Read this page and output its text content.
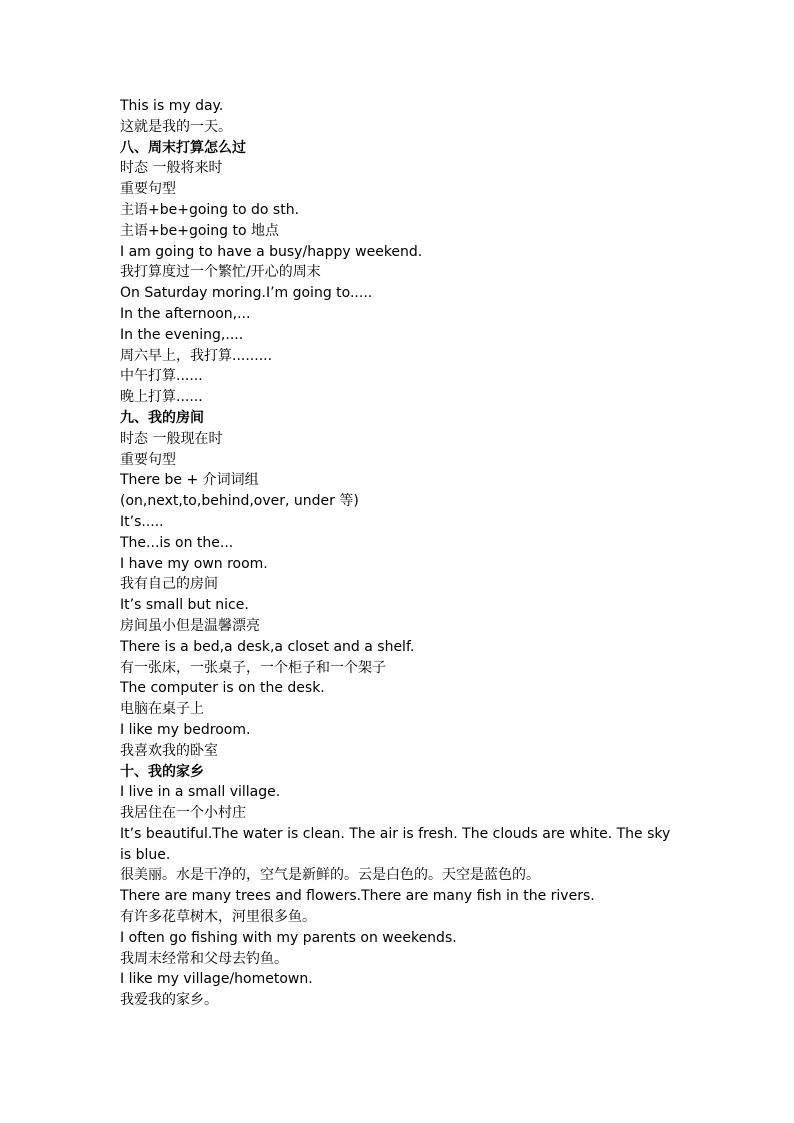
This is my day.
这就是我的一天。
八、周末打算怎么过
时态 一般将来时
重要句型
主语+be+going to do sth.
主语+be+going to 地点
I am going to have a busy/happy weekend.
我打算度过一个繁忙/开心的周末
On Saturday moring.I’m going to.....
In the afternoon,...
In the evening,....
周六早上，我打算.........
中午打算......
晚上打算......
九、我的房间
时态 一般现在时
重要句型
There be + 介词词组
(on,next,to,behind,over, under 等)
It’s.....
The...is on the...
I have my own room.
我有自己的房间
It’s small but nice.
房间虽小但是温馨漂亮
There is a bed,a desk,a closet and a shelf.
有一张床，一张桌子，一个柜子和一个架子
The computer is on the desk.
电脑在桌子上
I like my bedroom.
我喜欢我的卧室
十、我的家乡
I live in a small village.
我居住在一个小村庄
It’s beautiful.The water is clean. The air is fresh. The clouds are white. The sky is blue.
很美丽。水是干净的，空气是新鲜的。云是白色的。天空是蓝色的。
There are many trees and flowers.There are many fish in the rivers.
有许多花草树木，河里很多鱼。
I often go fishing with my parents on weekends.
我周末经常和父母去钓鱼。
I like my village/hometown.
我爱我的家乡。
